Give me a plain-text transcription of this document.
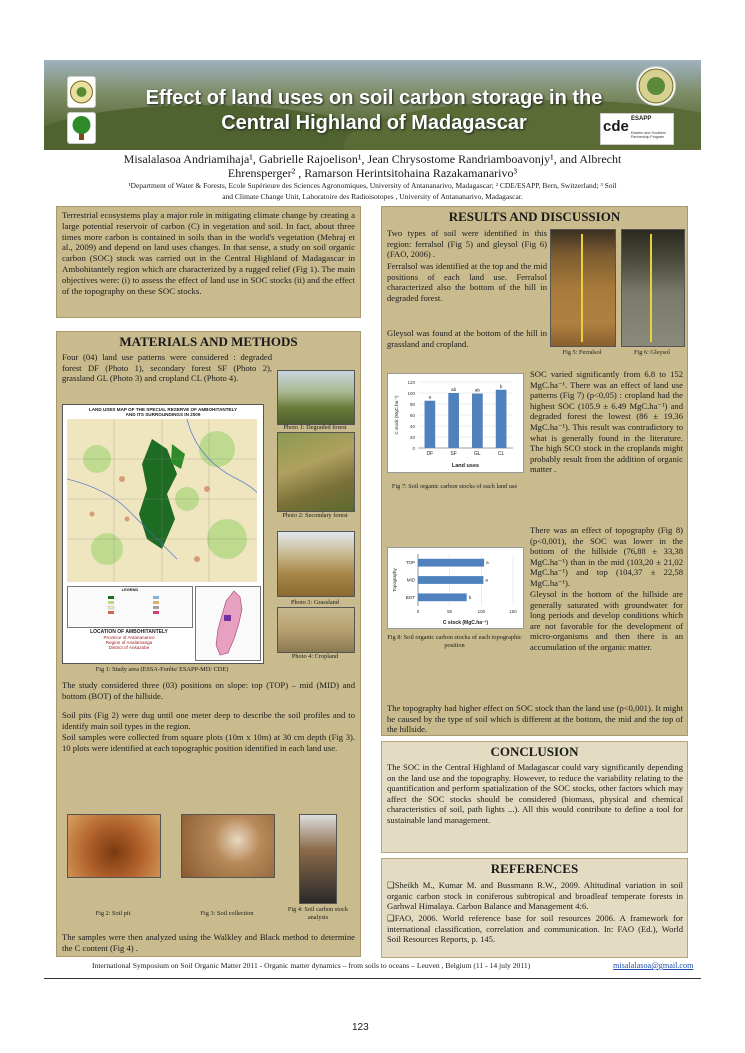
Effect of land uses on soil carbon storage in the
Central Highland of Madagascar	cde ESAPP
Eastern and Southern Partnership Program
Misalalasoa Andriamihaja¹, Gabrielle Rajoelison¹, Jean Chrysostome Randriamboavonjy¹, and Albrecht
Ehrensperger² , Ramarson Herintsitohaina Razakamanarivo³
¹Department of Water & Forests, Ecole Supérieure des Sciences Agronomiques, University of Antananarivo, Madagascar; ² CDE/ESAPP, Bern, Switzerland; ³ Soil
and Climate Change Unit, Laboratoire des Radioisotopes , University of Antananarivo, Madagascar.
Terrestrial ecosystems play a major role in mitigating climate change by creating a large potential reservoir of carbon (C) in vegetation and soil. In fact, about three times more carbon is contained in soils than in the world's vegetation (Mehraj et al., 2009) and depend on land uses changes. In that sense, a study on soil organic carbon (SOC) stock was carried out in the Central Highland of Madagascar in Ambohitantely region which are characterized by a rugged relief (Fig 1). The main objectives were: (i) to assess the effect of land use in SOC stocks (ii) and the effect of the topography on these SOC stocks.
MATERIALS AND METHODS
Four (04) land use patterns were considered : degraded forest DF (Photo 1), secondary forest SF (Photo 2), grassland GL (Photo 3) and cropland CL (Photo 4).
LAND USES MAP OF THE SPECIAL RESERVE OF AMBOHITANTELY
AND ITS SURROUNDINGS IN 2009
LEGEND
LOCATION OF AMBOHITANTELY
Province of Antananarivo
Region of Analamanga
District of Ankazobe
Fig 1: Study area (ESSA-Forêts/ ESAPP-MD/ CDE)
Photo 1: Degraded forest
Photo 2: Secondary forest
Photo 3: Grassland
Photo 4: Cropland
The study considered three (03) positions on slope: top (TOP) – mid (MID) and bottom (BOT) of the hillside.
Soil pits (Fig 2) were dug until one meter deep to describe the soil profiles and to identify main soil types in the region.
Soil samples were collected from square plots (10m x 10m) at 30 cm depth (Fig 3). 10 plots were identified at each topographic position identified in each land use.
Fig 2: Soil pit	Fig 3: Soil collection
Fig 4: Soil carbon stock analysis
The samples were then analyzed using the Walkley and Black method to determine the C content (Fig 4) .
RESULTS AND DISCUSSION
Two types of soil were identified in this region: ferralsol (Fig 5) and gleysol (Fig 6) (FAO, 2006) .
Ferralsol was identified at the top and the mid positions of each land use. Ferralsol characterized also the bottom of the hill in degraded forest.
Gleysol was found at the bottom of the hill in grassland and cropland.
Fig 5: Ferralsol	Fig 6: Gleysol
0
20
40
60
80
100
120
a
DF
ab
SF
ab
GL
b
CL
Land uses
C stock (MgC.ha⁻¹)
Fig 7: Soil organic carbon stocks of each land use
SOC varied significantly from 6.8 to 152 MgC.ha⁻¹. There was an effect of land use patterns (Fig 7) (p<0,05) : cropland had the highest SOC (105.9 ± 6.49 MgC.ha⁻¹) and degraded forest the lowest (86 ± 19.36 MgC.ha⁻¹). This result was contradictory to what is generally found in the literature. The high SCO stock in the croplands might probably result from the addition of organic matter .
0	50	100	150
a
TOP
a
MID
b
BOT
C stock (MgC.ha⁻¹)
Topography
Fig 8: Soil organic carbon stocks of each topographic position
There was an effect of topography (Fig 8) (p<0,001), the SOC was lower in the bottom of the hillside (76,88 ± 33,38 MgC.ha⁻¹) than in the mid (103,20 ± 21,02 MgC.ha⁻¹) and top (104,37 ± 22,58 MgC.ha⁻¹).
Gleysol in the bottom of the hillside are generally saturated with groundwater for long periods and develop conditions which are not favorable for the development of micro-organisms and then there is an accumulation of the organic matter.
The topography had higher effect on SOC stock than the land use (p<0,001). It might be caused by the type of soil which is different at the bottom, the mid and the top of the hillside.
CONCLUSION
The SOC in the Central Highland of Madagascar could vary significantly depending on the land use and the topography. However, to reduce the variability relating to the quantification and perform spatialization of the SOC stocks, other factors which may affect the SOC stocks should be considered (biomass, physical and chemical characteristics of soil, path lights ...). All this would contribute to define a tool for sustainable land management.
REFERENCES
❑Sheikh M., Kumar M. and Bussmann R.W., 2009. Altitudinal variation in soil organic carbon stock in coniferous subtropical and broadleaf temperate forests in Garhwal Himalaya. Carbon Balance and Management 4:6.
❑FAO, 2006. World reference base for soil resources 2006. A framework for international classification, correlation and communication. In: FAO (Ed.), World Soil Resources Reports, p. 145.
International Symposium on Soil Organic Matter 2011 - Organic matter dynamics – from soils to oceans – Leuven , Belgium (11 - 14 july 2011)	misalalasoa@gmail.com
123
